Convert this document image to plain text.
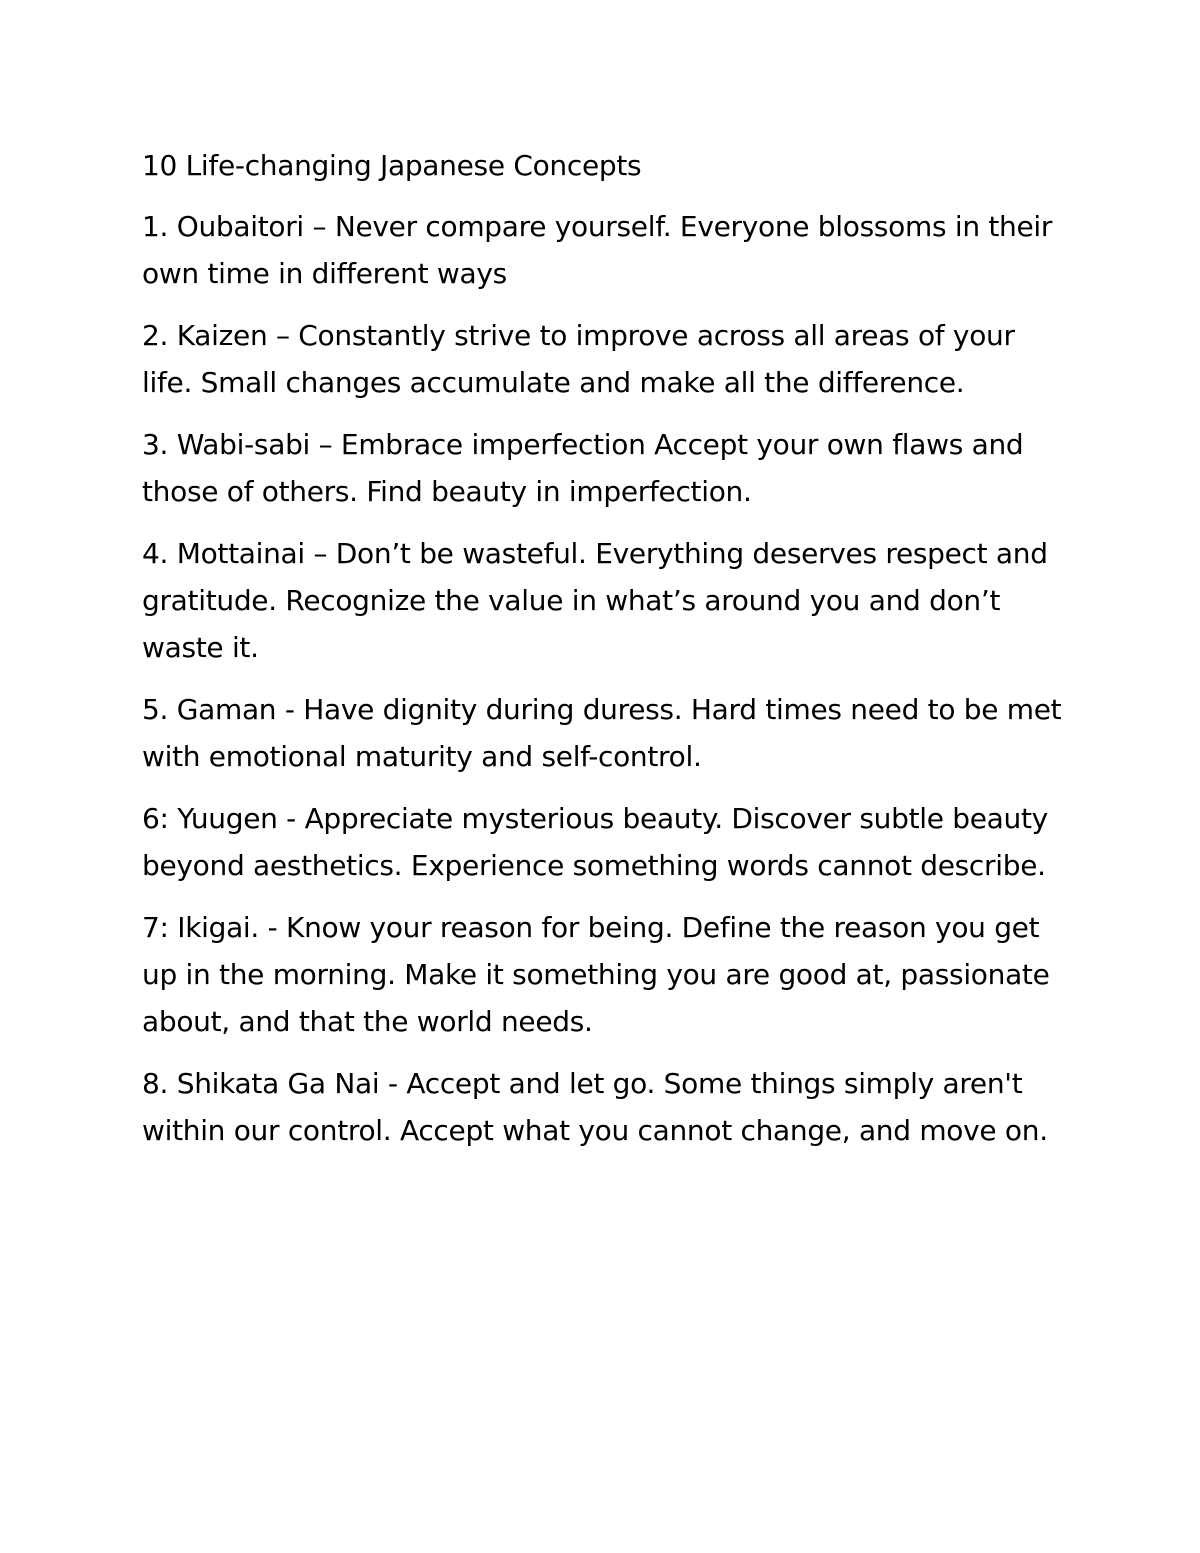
10 Life-changing Japanese Concepts

1. Oubaitori – Never compare yourself. Everyone blossoms in their own time in different ways

2. Kaizen – Constantly strive to improve across all areas of your life. Small changes accumulate and make all the difference.

3. Wabi-sabi – Embrace imperfection Accept your own flaws and those of others. Find beauty in imperfection.

4. Mottainai – Don’t be wasteful. Everything deserves respect and gratitude. Recognize the value in what’s around you and don’t waste it.

5. Gaman - Have dignity during duress. Hard times need to be met with emotional maturity and self-control.

6: Yuugen - Appreciate mysterious beauty. Discover subtle beauty beyond aesthetics. Experience something words cannot describe.

7: Ikigai. - Know your reason for being. Define the reason you get up in the morning. Make it something you are good at, passionate about, and that the world needs.

8. Shikata Ga Nai - Accept and let go. Some things simply aren't within our control. Accept what you cannot change, and move on.
